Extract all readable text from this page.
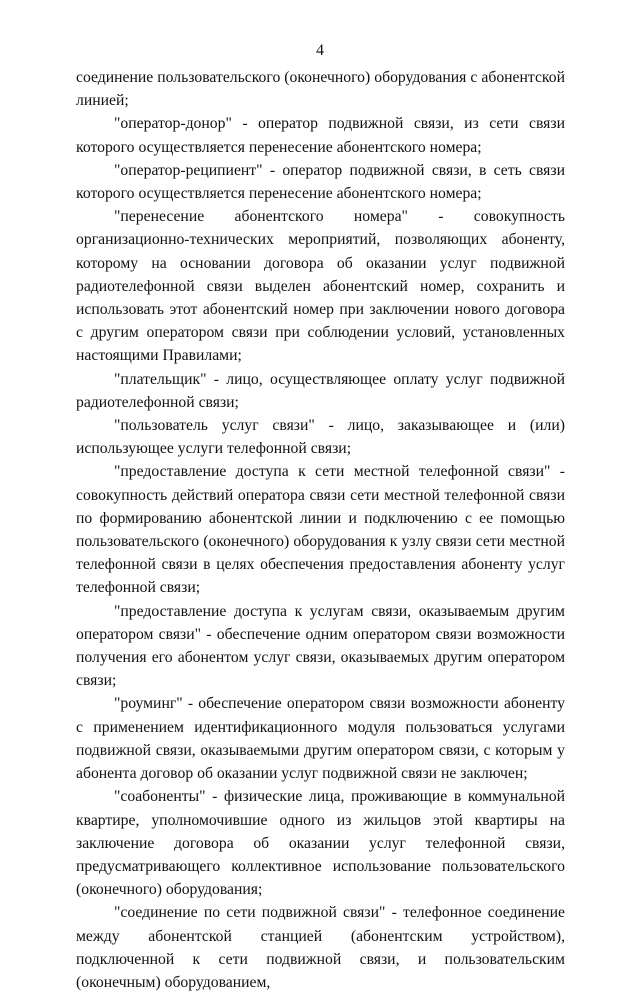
4

соединение пользовательского (оконечного) оборудования с абонентской линией;

"оператор-донор" - оператор подвижной связи, из сети связи которого осуществляется перенесение абонентского номера;

"оператор-реципиент" - оператор подвижной связи, в сеть связи которого осуществляется перенесение абонентского номера;

"перенесение абонентского номера" - совокупность организационно-технических мероприятий, позволяющих абоненту, которому на основании договора об оказании услуг подвижной радиотелефонной связи выделен абонентский номер, сохранить и использовать этот абонентский номер при заключении нового договора с другим оператором связи при соблюдении условий, установленных настоящими Правилами;

"плательщик" - лицо, осуществляющее оплату услуг подвижной радиотелефонной связи;

"пользователь услуг связи" - лицо, заказывающее и (или) использующее услуги телефонной связи;

"предоставление доступа к сети местной телефонной связи" - совокупность действий оператора связи сети местной телефонной связи по формированию абонентской линии и подключению с ее помощью пользовательского (оконечного) оборудования к узлу связи сети местной телефонной связи в целях обеспечения предоставления абоненту услуг телефонной связи;

"предоставление доступа к услугам связи, оказываемым другим оператором связи" - обеспечение одним оператором связи возможности получения его абонентом услуг связи, оказываемых другим оператором связи;

"роуминг" - обеспечение оператором связи возможности абоненту с применением идентификационного модуля пользоваться услугами подвижной связи, оказываемыми другим оператором связи, с которым у абонента договор об оказании услуг подвижной связи не заключен;

"соабоненты" - физические лица, проживающие в коммунальной квартире, уполномочившие одного из жильцов этой квартиры на заключение договора об оказании услуг телефонной связи, предусматривающего коллективное использование пользовательского (оконечного) оборудования;

"соединение по сети подвижной связи" - телефонное соединение между абонентской станцией (абонентским устройством), подключенной к сети подвижной связи, и пользовательским (оконечным) оборудованием,
